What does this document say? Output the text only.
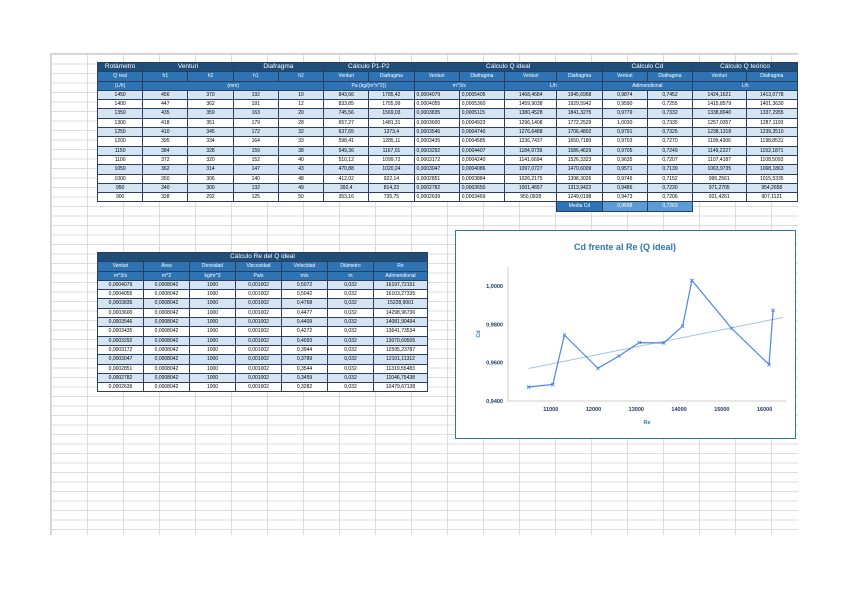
Rotámetro	Venturi		Diafragma		Cálculo P1-P2		Cálculo Q ideal				Cálculo Cd		Cálculo Q teórico	
Q real	h1	h2	h1	h2	Venturi	Diafragma	Venturi	Diafragma	Venturi	Diafragma	Venturi	Diafragma	Venturi	Diafragma
(L/h)	(mm)				Pa (kg/(m*s^2))		m^3/s		L/h		Adimendional		L/h	
1450	456	370	192	10	843,66	1785,42	0,0004079	0,0005405	1468,4684	1945,6968	0,9874	0,7452	1424,1621	1413,0778
1400	447	362	191	12	833,85	1755,99	0,0004055	0,0005360	1459,9038	1929,5942	0,9590	0,7255	1415,8579	1401,3630
1350	435	359	163	20	745,56	1569,03	0,0003835	0,0005115	1380,4528	1841,3275	0,9779	0,7332	1338,8040	1337,2955
1300	418	351	179	28	657,27	1481,31	0,0003600	0,0004923	1296,1408	1772,2529	1,0030	0,7335	1257,0357	1287,1193
1250	410	345	172	32	637,65	1373,4	0,0003546	0,0004740	1276,6488	1706,4802	0,9791	0,7325	1238,1318	1239,3510
1200	395	334	164	33	598,41	1285,11	0,0003435	0,0004585	1236,7437	1650,7180	0,9703	0,7270	1199,4306	1198,8531
1150	384	328	159	38	549,36	1167,01	0,0003292	0,0004407	1184,9739	1586,4629	0,9705	0,7249	1149,2227	1152,1871
1100	372	320	152	40	510,12	1099,72	0,0003172	0,0004240	1141,6694	1526,3323	0,9635	0,7207	1107,4187	1108,5093
1050	362	314	147	43	470,88	1020,24	0,0003047	0,0004086	1097,0727	1470,6009	0,9571	0,7139	1063,9735	1068,1863
1000	350	306	140	48	412,02	922,14	0,0002851	0,0003884	1026,2175	1398,3026	0,9745	0,7152	995,2561	1015,5335
950	340	300	132	49	392,4	814,23	0,0002782	0,0003650	1001,4657	1313,9422	0,9486	0,7230	971,2705	954,2658
900	328	292	125	50	353,16	735,75	0,0002639	0,0003469	950,0928	1249,0198	0,9473	0,7206	921,4261	907,1121
										Media Cd	0,9698	0,7263		
Cálculo Re del Q ideal						
Venturi	Área	Densidad	Viscosidad	Velocidad	Diámetro	Re
m^3/s	m^2	kg/m^3	Pa/s	m/s	m	Adimendional
0,0004079	0,0008042	1000	0,001002	0,5072	0,032	16197,72151
0,0004055	0,0008042	1000	0,001002	0,5042	0,032	16103,27335
0,0003835	0,0008042	1000	0,001002	0,4768	0,032	15228,9001
0,0003600	0,0008042	1000	0,001002	0,4477	0,032	14298,96736
0,0003546	0,0008042	1000	0,001002	0,4409	0,032	14081,90494
0,0003435	0,0008042	1000	0,001002	0,4272	0,032	13641,73534
0,0003292	0,0008042	1000	0,001002	0,4093	0,032	13070,69505
0,0003172	0,0008042	1000	0,001002	0,3944	0,032	12595,23787
0,0003047	0,0008042	1000	0,001002	0,3789	0,032	12101,11312
0,0002851	0,0008042	1000	0,001002	0,3544	0,032	11319,55483
0,0002782	0,0008042	1000	0,001002	0,3459	0,032	11046,75438
0,0002639	0,0008042	1000	0,001002	0,3282	0,032	10479,67138
Cd frente al Re (Q ideal)
0,9400
0,9600
0,9800
1,0000
11000	12000	13000	14000	15000	16000
Re
Cd
